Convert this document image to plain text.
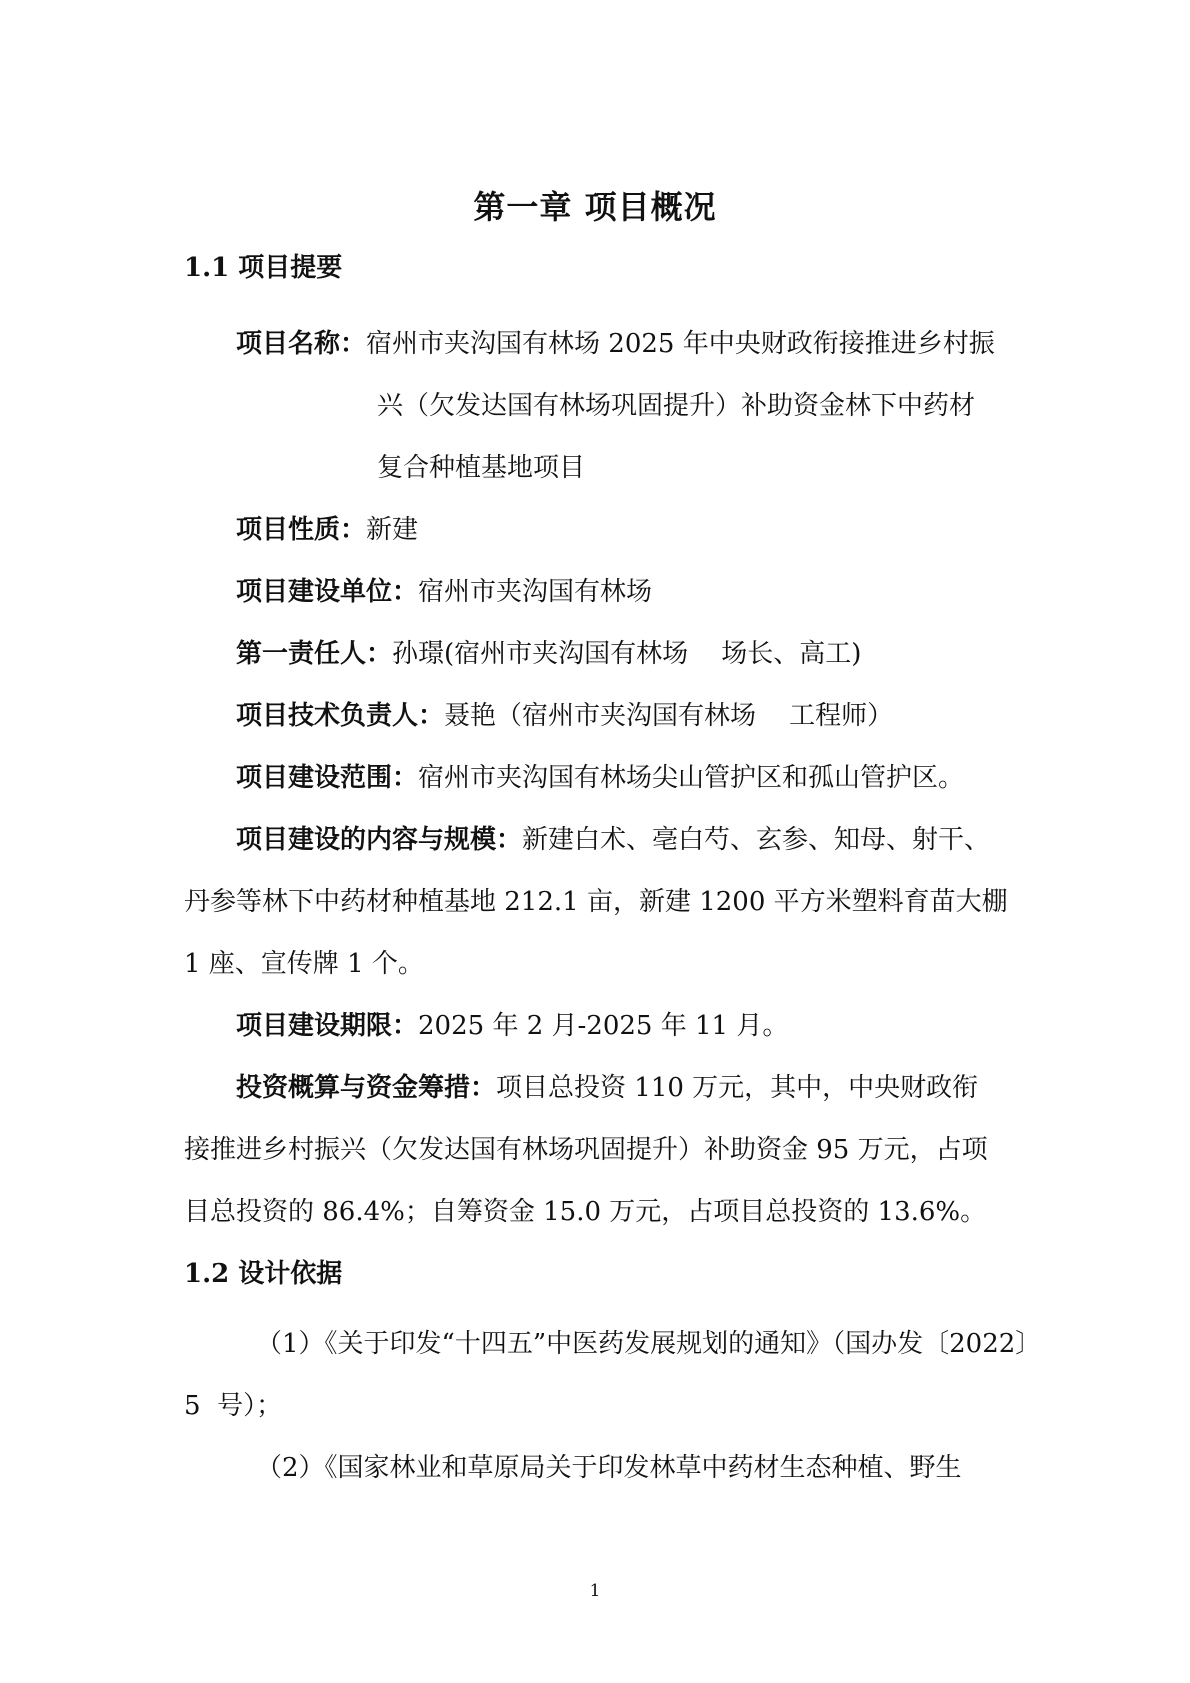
第一章 项目概况
1.1 项目提要
项目名称：宿州市夹沟国有林场 2025 年中央财政衔接推进乡村振
兴（欠发达国有林场巩固提升）补助资金林下中药材
复合种植基地项目
项目性质：新建
项目建设单位：宿州市夹沟国有林场
第一责任人：孙璟(宿州市夹沟国有林场    场长、高工)
项目技术负责人：聂艳（宿州市夹沟国有林场    工程师）
项目建设范围：宿州市夹沟国有林场尖山管护区和孤山管护区。
项目建设的内容与规模：新建白术、亳白芍、玄参、知母、射干、
丹参等林下中药材种植基地 212.1 亩，新建 1200 平方米塑料育苗大棚
1 座、宣传牌 1 个。
项目建设期限：2025 年 2 月-2025 年 11 月。
投资概算与资金筹措：项目总投资 110 万元，其中，中央财政衔
接推进乡村振兴（欠发达国有林场巩固提升）补助资金 95 万元，占项
目总投资的 86.4%；自筹资金 15.0 万元，占项目总投资的 13.6%。
1.2 设计依据
（1）《关于印发“十四五”中医药发展规划的通知》（国办发〔2022〕
5  号）；
（2）《国家林业和草原局关于印发林草中药材生态种植、野生
1
